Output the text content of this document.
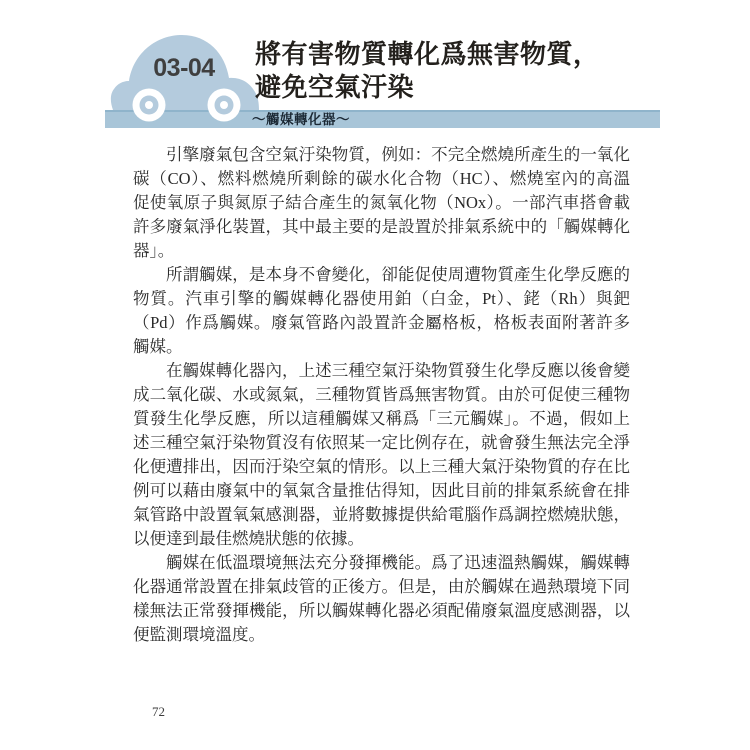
03-04 將有害物質轉化爲無害物質，
避免空氣汙染
～觸媒轉化器～
引擎廢氣包含空氣汙染物質，例如：不完全燃燒所產生的一氧化
碳（CO）、燃料燃燒所剩餘的碳水化合物（HC）、燃燒室內的高溫
促使氧原子與氮原子結合產生的氮氧化物（NOx）。一部汽車搭會載
許多廢氣淨化裝置，其中最主要的是設置於排氣系統中的「觸媒轉化
器」。
所謂觸媒，是本身不會變化，卻能促使周遭物質產生化學反應的
物質。汽車引擎的觸媒轉化器使用鉑（白金，Pt）、銠（Rh）與鈀
（Pd）作爲觸媒。廢氣管路內設置許金屬格板，格板表面附著許多
觸媒。
在觸媒轉化器內，上述三種空氣汙染物質發生化學反應以後會變
成二氧化碳、水或氮氣，三種物質皆爲無害物質。由於可促使三種物
質發生化學反應，所以這種觸媒又稱爲「三元觸媒」。不過，假如上
述三種空氣汙染物質沒有依照某一定比例存在，就會發生無法完全淨
化便遭排出，因而汙染空氣的情形。以上三種大氣汙染物質的存在比
例可以藉由廢氣中的氧氣含量推估得知，因此目前的排氣系統會在排
氣管路中設置氧氣感測器，並將數據提供給電腦作爲調控燃燒狀態，
以便達到最佳燃燒狀態的依據。
觸媒在低溫環境無法充分發揮機能。爲了迅速溫熱觸媒，觸媒轉
化器通常設置在排氣歧管的正後方。但是，由於觸媒在過熱環境下同
樣無法正常發揮機能，所以觸媒轉化器必須配備廢氣溫度感測器，以
便監測環境溫度。
72
